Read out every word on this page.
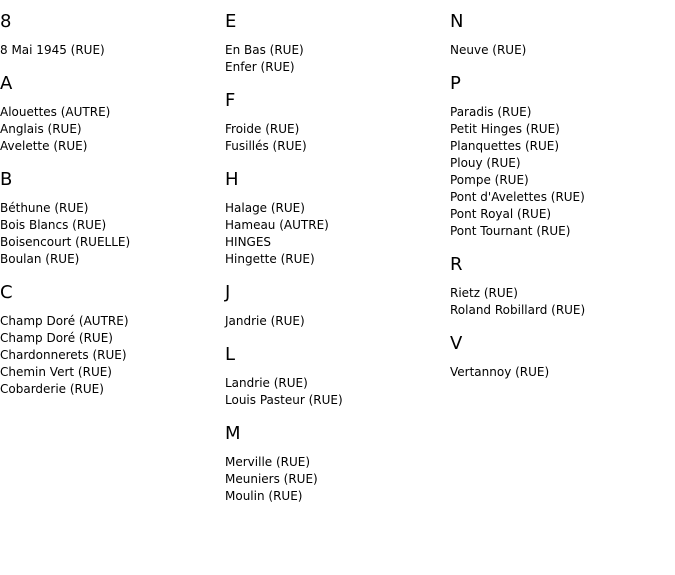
8
8 Mai 1945 (RUE)
A
Alouettes (AUTRE)
Anglais (RUE)
Avelette (RUE)
B
Béthune (RUE)
Bois Blancs (RUE)
Boisencourt (RUELLE)
Boulan (RUE)
C
Champ Doré (AUTRE)
Champ Doré (RUE)
Chardonnerets (RUE)
Chemin Vert (RUE)
Cobarderie (RUE)
E
En Bas (RUE)
Enfer (RUE)
F
Froide (RUE)
Fusillés (RUE)
H
Halage (RUE)
Hameau (AUTRE)
HINGES
Hingette (RUE)
J
Jandrie (RUE)
L
Landrie (RUE)
Louis Pasteur (RUE)
M
Merville (RUE)
Meuniers (RUE)
Moulin (RUE)
N
Neuve (RUE)
P
Paradis (RUE)
Petit Hinges (RUE)
Planquettes (RUE)
Plouy (RUE)
Pompe (RUE)
Pont d'Avelettes (RUE)
Pont Royal (RUE)
Pont Tournant (RUE)
R
Rietz (RUE)
Roland Robillard (RUE)
V
Vertannoy (RUE)
